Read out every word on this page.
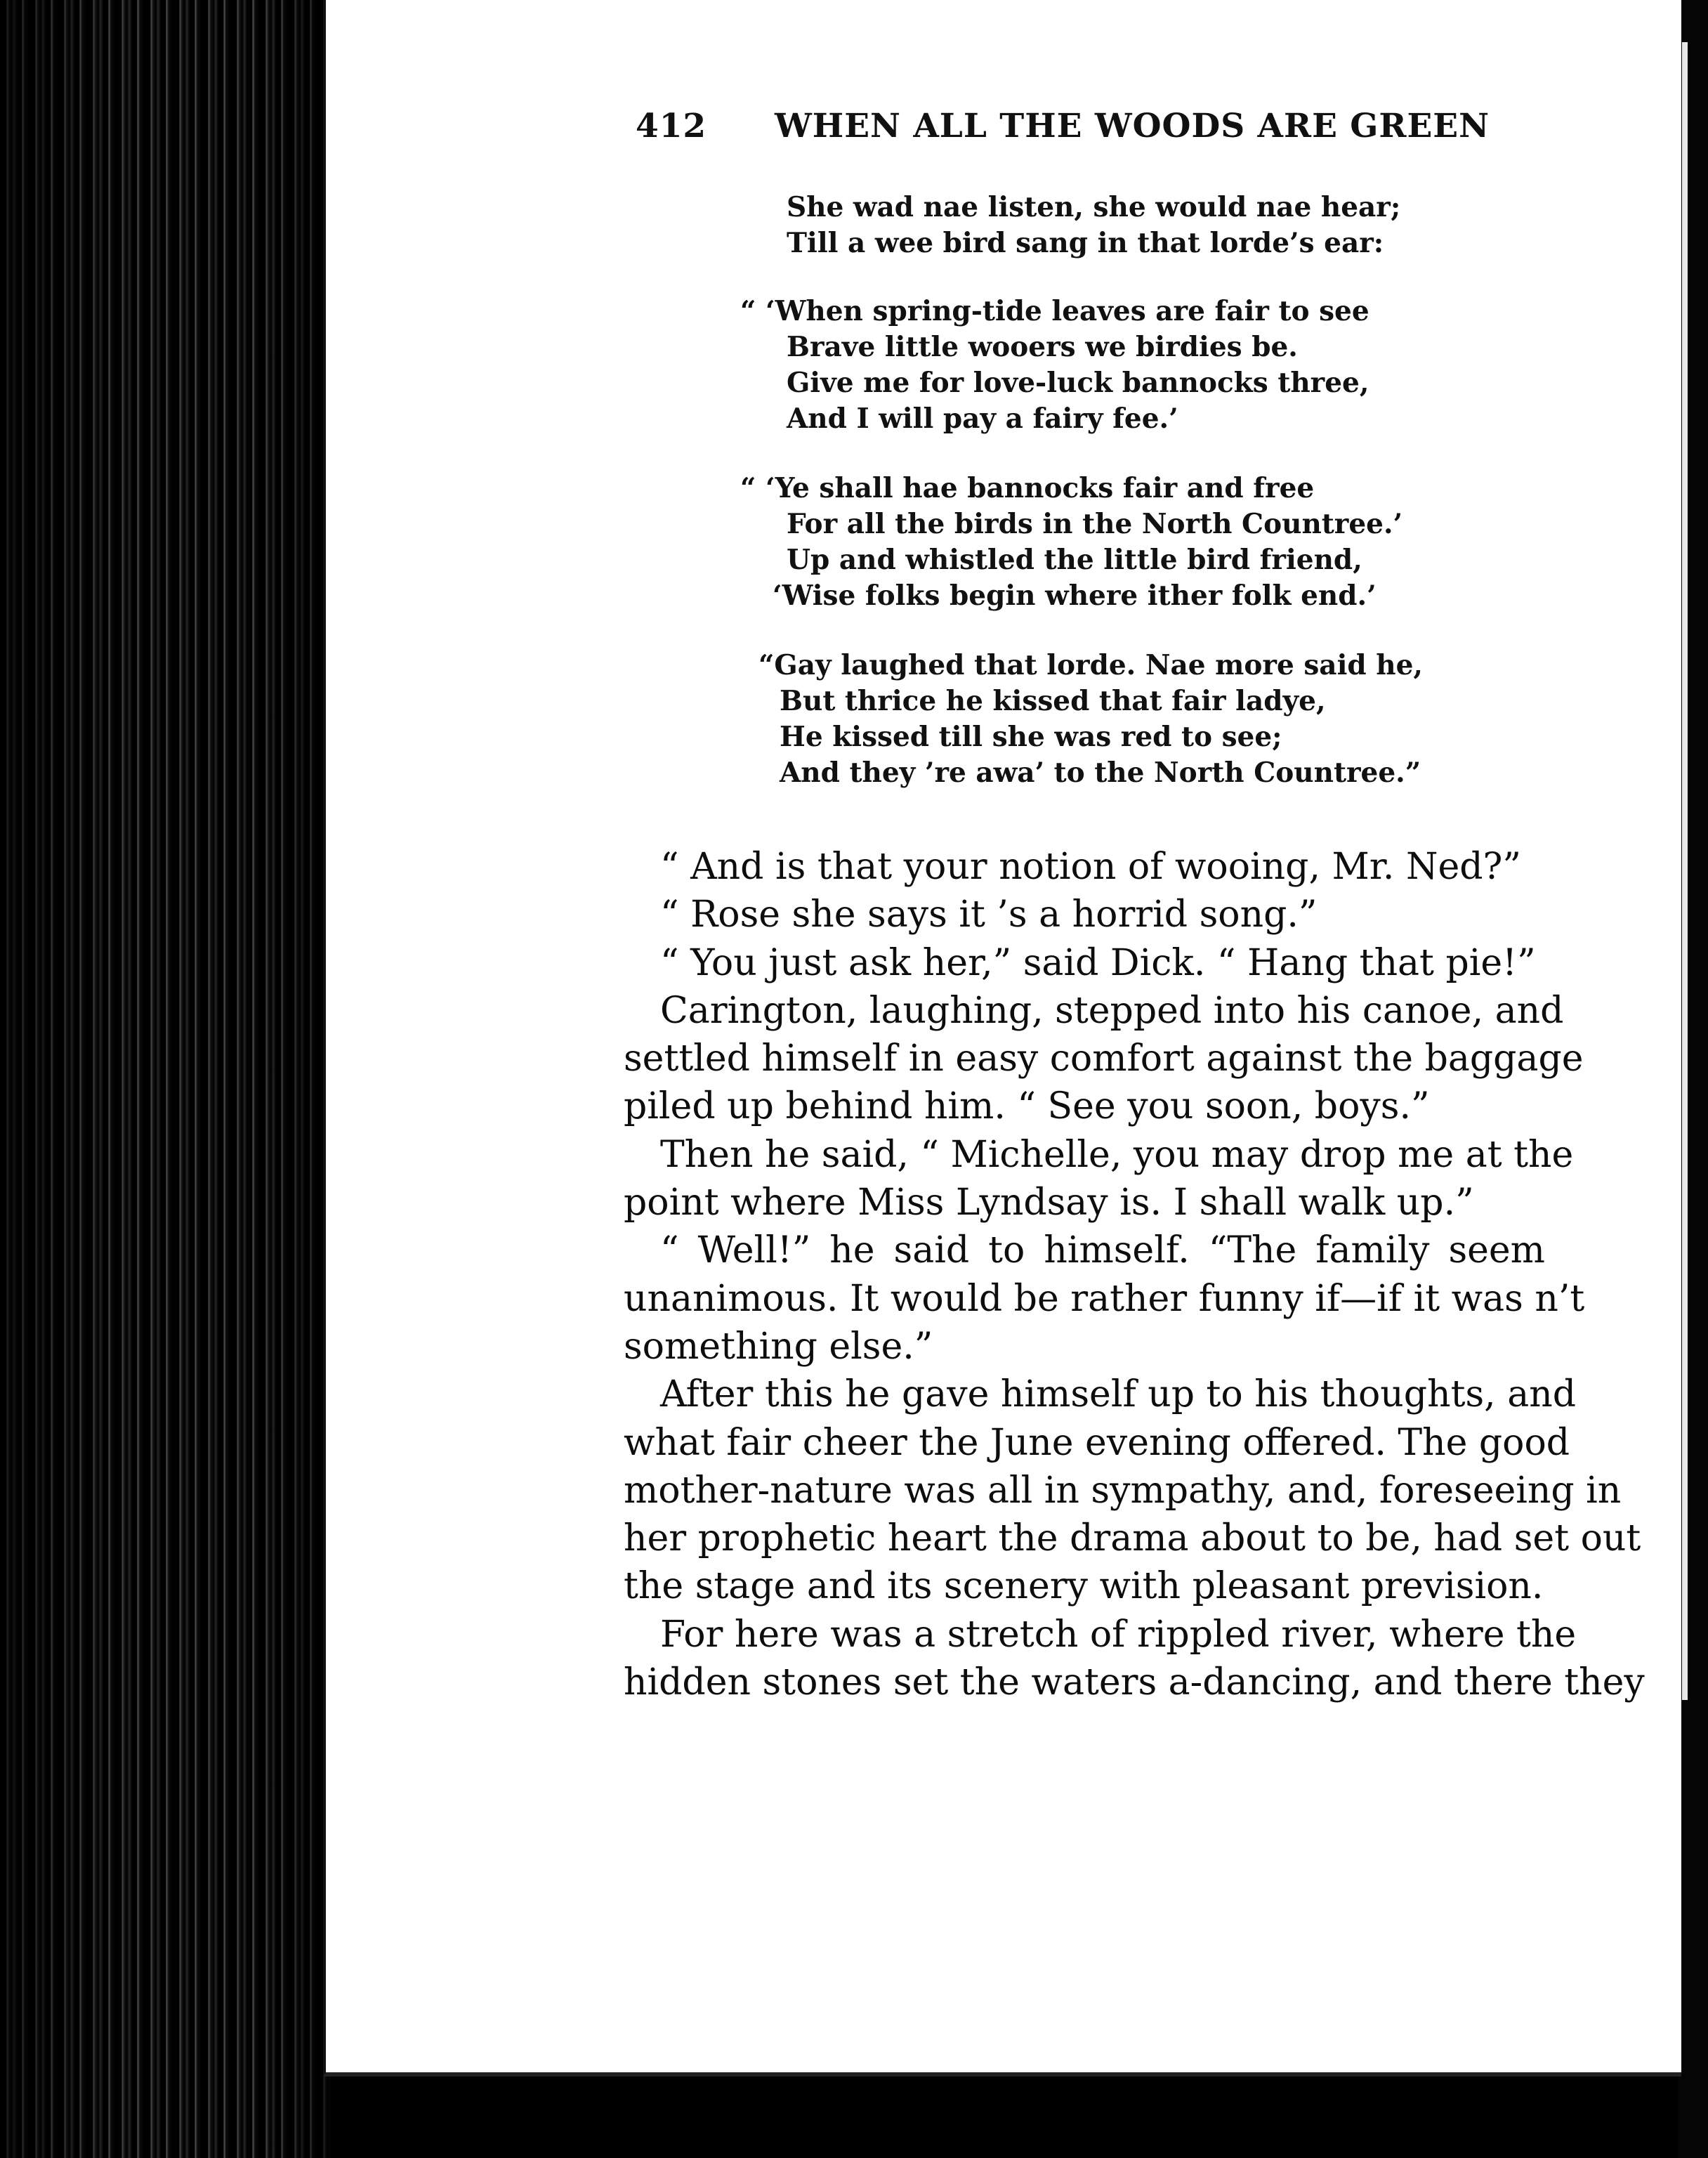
412 WHEN ALL THE WOODS ARE GREEN
She wad nae listen, she would nae hear;
Till a wee bird sang in that lorde’s ear:
“ ‘When spring-tide leaves are fair to see
Brave little wooers we birdies be.
Give me for love-luck bannocks three,
And I will pay a fairy fee.’
“ ‘Ye shall hae bannocks fair and free
For all the birds in the North Countree.’
Up and whistled the little bird friend,
‘Wise folks begin where ither folk end.’
“Gay laughed that lorde. Nae more said he,
But thrice he kissed that fair ladye,
He kissed till she was red to see;
And they ’re awa’ to the North Countree.”
“ And is that your notion of wooing, Mr. Ned?”
“ Rose she says it ’s a horrid song.”
“ You just ask her,” said Dick. “ Hang that pie!”
Carington, laughing, stepped into his canoe, and
settled himself in easy comfort against the baggage
piled up behind him. “ See you soon, boys.”
Then he said, “ Michelle, you may drop me at the
point where Miss Lyndsay is. I shall walk up.”
“ Well!” he said to himself. “The family seem
unanimous. It would be rather funny if—if it was n’t
something else.”
After this he gave himself up to his thoughts, and
what fair cheer the June evening offered. The good
mother-nature was all in sympathy, and, foreseeing in
her prophetic heart the drama about to be, had set out
the stage and its scenery with pleasant prevision.
For here was a stretch of rippled river, where the
hidden stones set the waters a-dancing, and there they
